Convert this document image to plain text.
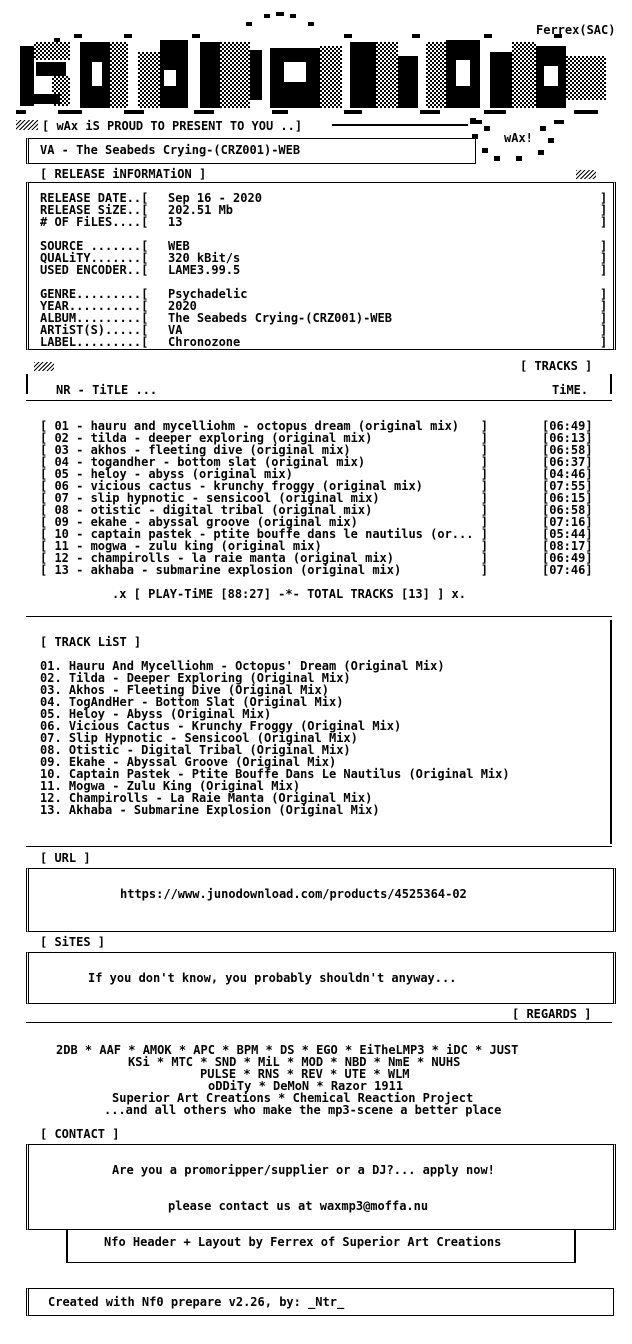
Ferrex(SAC)
[ wAx iS PROUD TO PRESENT TO YOU ..]
wAx!
VA - The Seabeds Crying-(CRZ001)-WEB
[ RELEASE iNFORMATiON ]
RELEASE DATE..[ Sep 16 - 2020
RELEASE SiZE..[ 202.51 Mb
# OF FiLES....[ 13
SOURCE .......[ WEB
QUALiTY.......[ 320 kBit/s
USED ENCODER..[ LAME3.99.5
GENRE.........[ Psychadelic
YEAR..........[ 2020
ALBUM.........[ The Seabeds Crying-(CRZ001)-WEB
ARTiST(S).....[ VA
LABEL.........[ Chronozone
]
]
]

]
]
]

]
]
]
]
]
[ TRACKS ]
NR - TiTLE ...	TiME.
[ 01 - hauru and mycelliohm - octopus dream (original mix)   ]	[06:49]
[ 02 - tilda - deeper exploring (original mix)               ]	[06:13]
[ 03 - akhos - fleeting dive (original mix)                  ]	[06:58]
[ 04 - togandher - bottom slat (original mix)                ]	[06:37]
[ 05 - heloy - abyss (original mix)                          ]	[04:46]
[ 06 - vicious cactus - krunchy froggy (original mix)        ]	[07:55]
[ 07 - slip hypnotic - sensicool (original mix)              ]	[06:15]
[ 08 - otistic - digital tribal (original mix)               ]	[06:58]
[ 09 - ekahe - abyssal groove (original mix)                 ]	[07:16]
[ 10 - captain pastek - ptite bouffe dans le nautilus (or... ]	[05:44]
[ 11 - mogwa - zulu king (original mix)                      ]	[08:17]
[ 12 - champirolls - la raie manta (original mix)            ]	[06:49]
[ 13 - akhaba - submarine explosion (original mix)           ]	[07:46]
.x [ PLAY-TiME [88:27] -*- TOTAL TRACKS [13] ] x.
[ TRACK LiST ]
01. Hauru And Mycelliohm - Octopus' Dream (Original Mix)
02. Tilda - Deeper Exploring (Original Mix)
03. Akhos - Fleeting Dive (Original Mix)
04. TogAndHer - Bottom Slat (Original Mix)
05. Heloy - Abyss (Original Mix)
06. Vicious Cactus - Krunchy Froggy (Original Mix)
07. Slip Hypnotic - Sensicool (Original Mix)
08. Otistic - Digital Tribal (Original Mix)
09. Ekahe - Abyssal Groove (Original Mix)
10. Captain Pastek - Ptite Bouffe Dans Le Nautilus (Original Mix)
11. Mogwa - Zulu King (Original Mix)
12. Champirolls - La Raie Manta (Original Mix)
13. Akhaba - Submarine Explosion (Original Mix)
[ URL ]
https://www.junodownload.com/products/4525364-02
[ SiTES ]
If you don't know, you probably shouldn't anyway...
[ REGARDS ]
2DB * AAF * AMOK * APC * BPM * DS * EGO * EiTheLMP3 * iDC * JUST
KSi * MTC * SND * MiL * MOD * NBD * NmE * NUHS
PULSE * RNS * REV * UTE * WLM
oDDiTy * DeMoN * Razor 1911
Superior Art Creations * Chemical Reaction Project
...and all others who make the mp3-scene a better place
[ CONTACT ]
Are you a promoripper/supplier or a DJ?... apply now!
please contact us at waxmp3@moffa.nu
Nfo Header + Layout by Ferrex of Superior Art Creations
Created with Nf0 prepare v2.26, by: _Ntr_
